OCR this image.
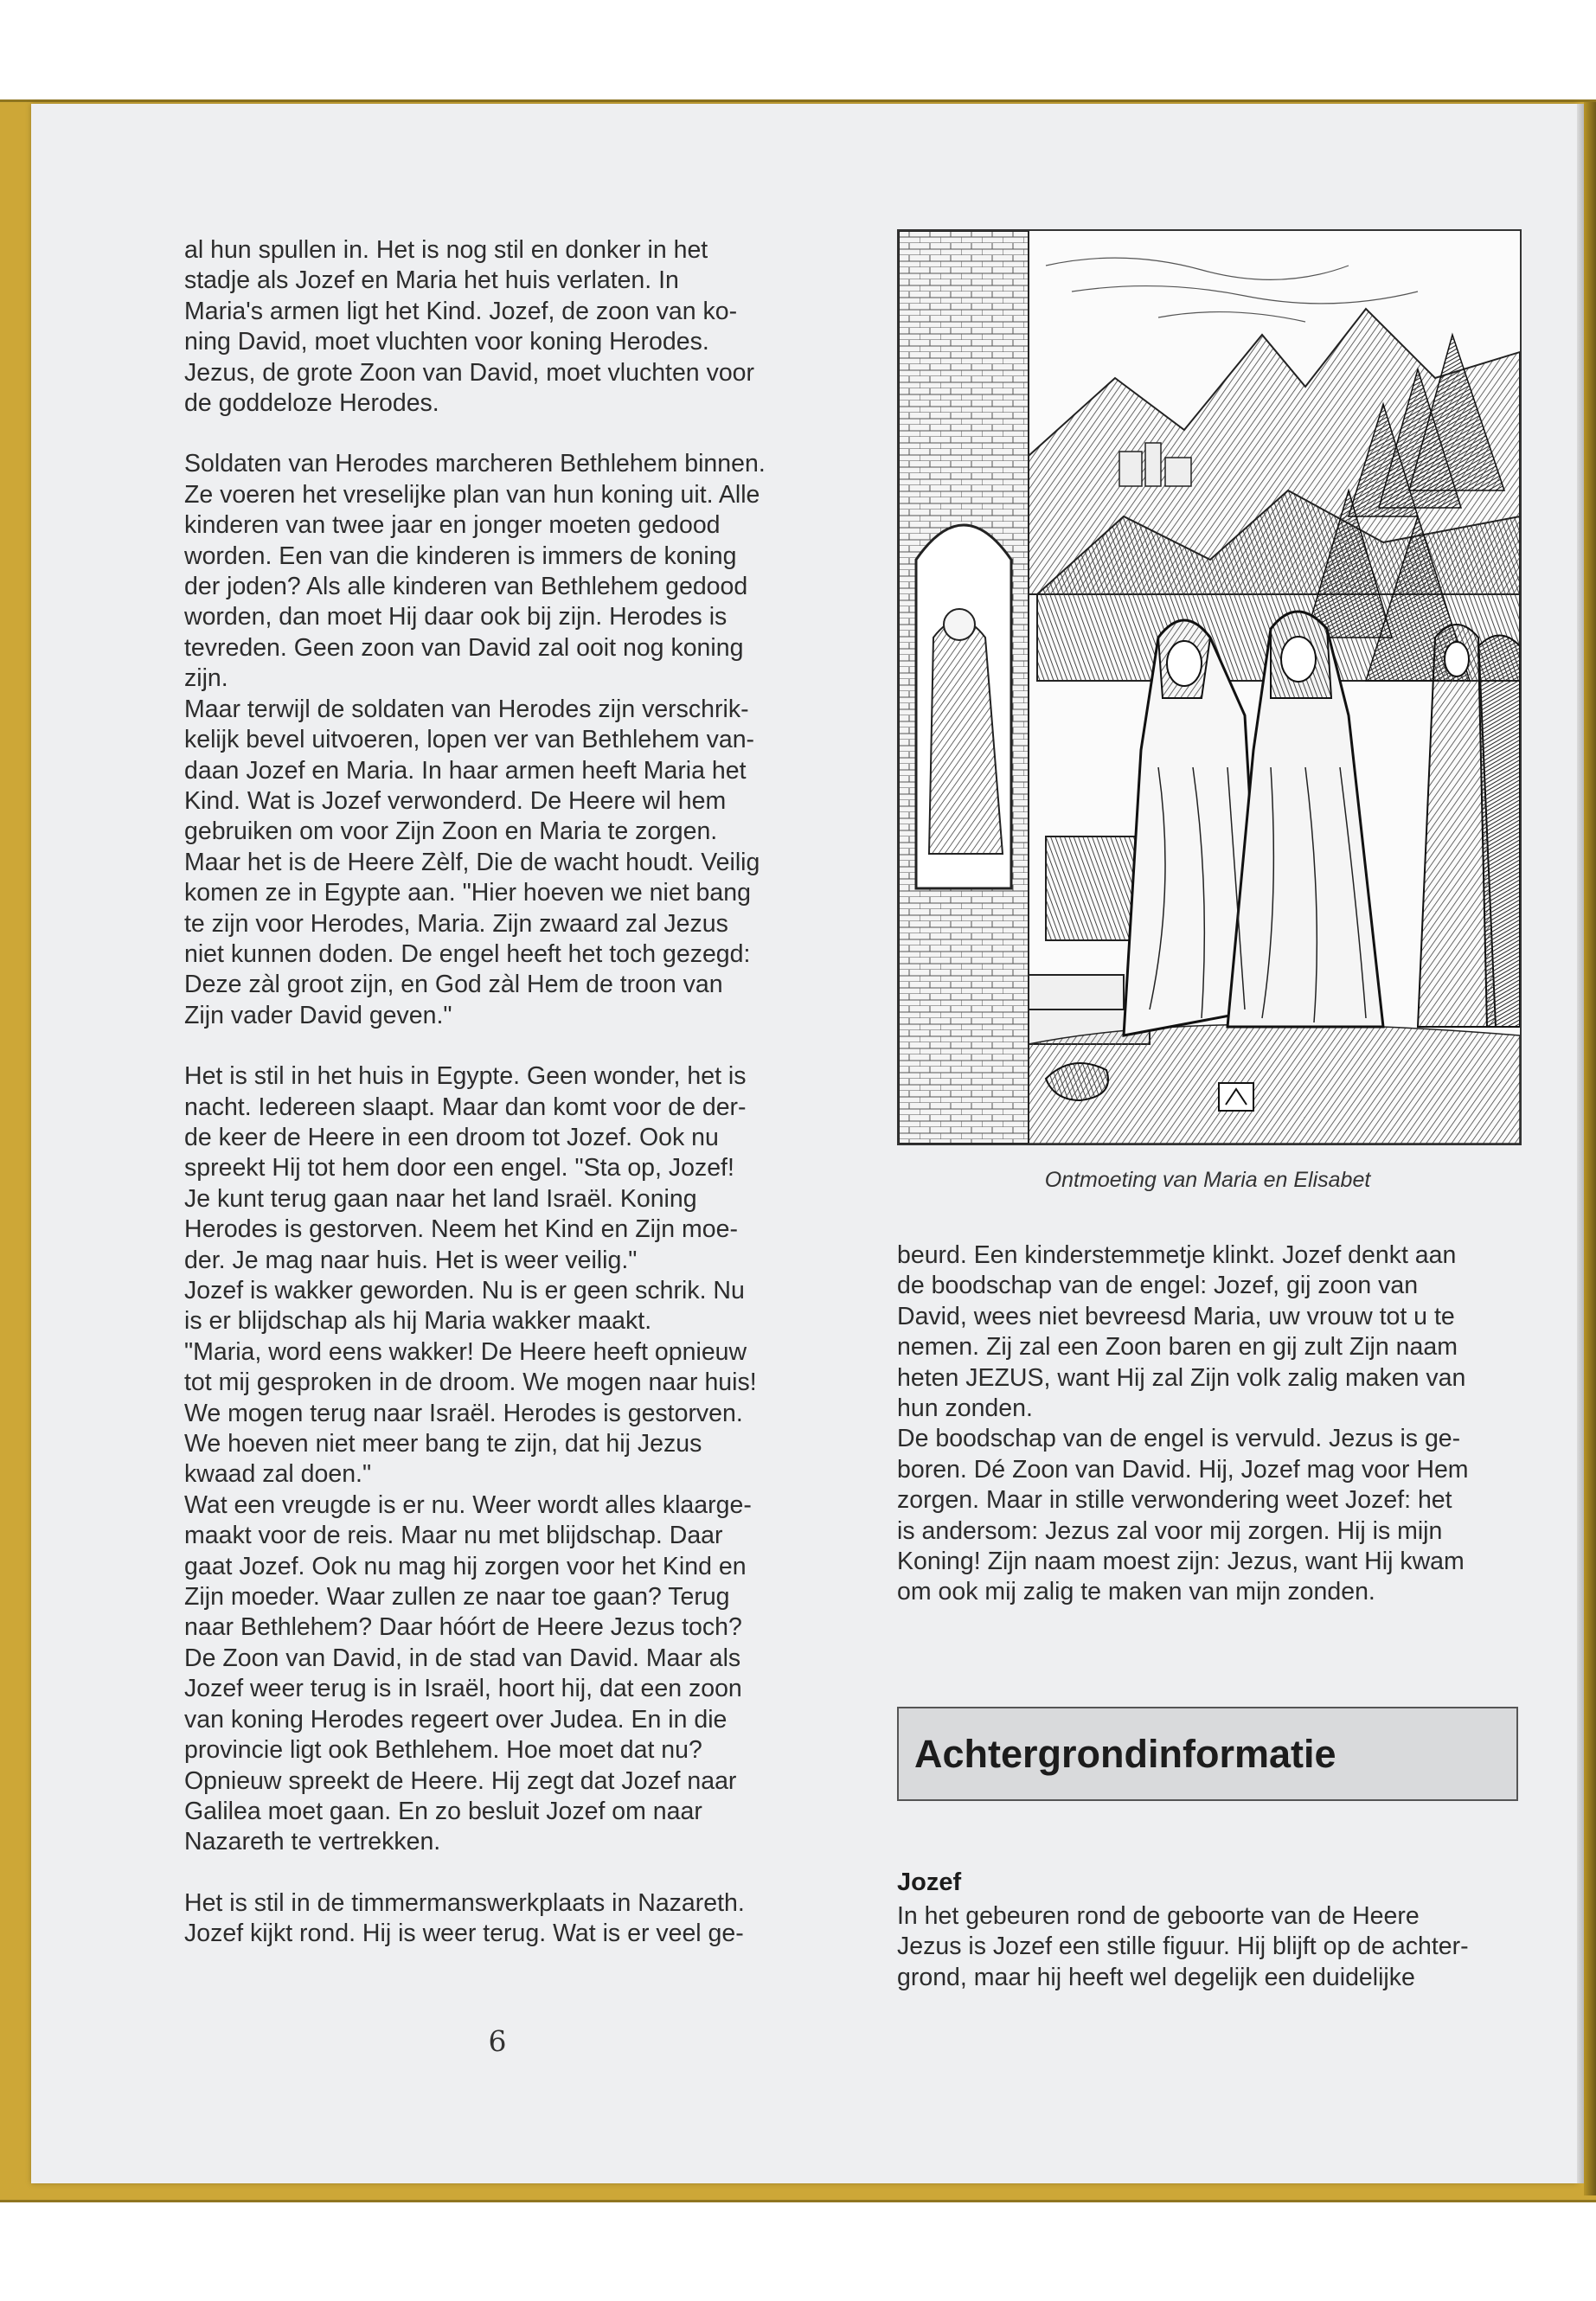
al hun spullen in. Het is nog stil en donker in het

stadje als Jozef en Maria het huis verlaten. In

Maria's armen ligt het Kind. Jozef, de zoon van ko-

ning David, moet vluchten voor koning Herodes.

Jezus, de grote Zoon van David, moet vluchten voor

de goddeloze Herodes.

Soldaten van Herodes marcheren Bethlehem binnen.

Ze voeren het vreselijke plan van hun koning uit. Alle

kinderen van twee jaar en jonger moeten gedood

worden. Een van die kinderen is immers de koning

der joden? Als alle kinderen van Bethlehem gedood

worden, dan moet Hij daar ook bij zijn. Herodes is

tevreden. Geen zoon van David zal ooit nog koning

zijn.

Maar terwijl de soldaten van Herodes zijn verschrik-

kelijk bevel uitvoeren, lopen ver van Bethlehem van-

daan Jozef en Maria. In haar armen heeft Maria het

Kind. Wat is Jozef verwonderd. De Heere wil hem

gebruiken om voor Zijn Zoon en Maria te zorgen.

Maar het is de Heere Zèlf, Die de wacht houdt. Veilig

komen ze in Egypte aan. "Hier hoeven we niet bang

te zijn voor Herodes, Maria. Zijn zwaard zal Jezus

niet kunnen doden. De engel heeft het toch gezegd:

Deze zàl groot zijn, en God zàl Hem de troon van

Zijn vader David geven."

Het is stil in het huis in Egypte. Geen wonder, het is

nacht. Iedereen slaapt. Maar dan komt voor de der-

de keer de Heere in een droom tot Jozef. Ook nu

spreekt Hij tot hem door een engel. "Sta op, Jozef!

Je kunt terug gaan naar het land Israël. Koning

Herodes is gestorven. Neem het Kind en Zijn moe-

der. Je mag naar huis. Het is weer veilig."

Jozef is wakker geworden. Nu is er geen schrik. Nu

is er blijdschap als hij Maria wakker maakt.

"Maria, word eens wakker! De Heere heeft opnieuw

tot mij gesproken in de droom. We mogen naar huis!

We mogen terug naar Israël. Herodes is gestorven.

We hoeven niet meer bang te zijn, dat hij Jezus

kwaad zal doen."

Wat een vreugde is er nu. Weer wordt alles klaarge-

maakt voor de reis. Maar nu met blijdschap. Daar

gaat Jozef. Ook nu mag hij zorgen voor het Kind en

Zijn moeder. Waar zullen ze naar toe gaan? Terug

naar Bethlehem? Daar hóórt de Heere Jezus toch?

De Zoon van David, in de stad van David. Maar als

Jozef weer terug is in Israël, hoort hij, dat een zoon

van koning Herodes regeert over Judea. En in die

provincie ligt ook Bethlehem. Hoe moet dat nu?

Opnieuw spreekt de Heere. Hij zegt dat Jozef naar

Galilea moet gaan. En zo besluit Jozef om naar

Nazareth te vertrekken.

Het is stil in de timmermanswerkplaats in Nazareth.

Jozef kijkt rond. Hij is weer terug. Wat is er veel ge-

Ontmoeting van Maria en Elisabet

beurd. Een kinderstemmetje klinkt. Jozef denkt aan

de boodschap van de engel: Jozef, gij zoon van

David, wees niet bevreesd Maria, uw vrouw tot u te

nemen. Zij zal een Zoon baren en gij zult Zijn naam

heten JEZUS, want Hij zal Zijn volk zalig maken van

hun zonden.

De boodschap van de engel is vervuld. Jezus is ge-

boren. Dé Zoon van David. Hij, Jozef mag voor Hem

zorgen. Maar in stille verwondering weet Jozef: het

is andersom: Jezus zal voor mij zorgen. Hij is mijn

Koning! Zijn naam moest zijn: Jezus, want Hij kwam

om ook mij zalig te maken van mijn zonden.

Achtergrondinformatie
Jozef

In het gebeuren rond de geboorte van de Heere

Jezus is Jozef een stille figuur. Hij blijft op de achter-

grond, maar hij heeft wel degelijk een duidelijke

6
